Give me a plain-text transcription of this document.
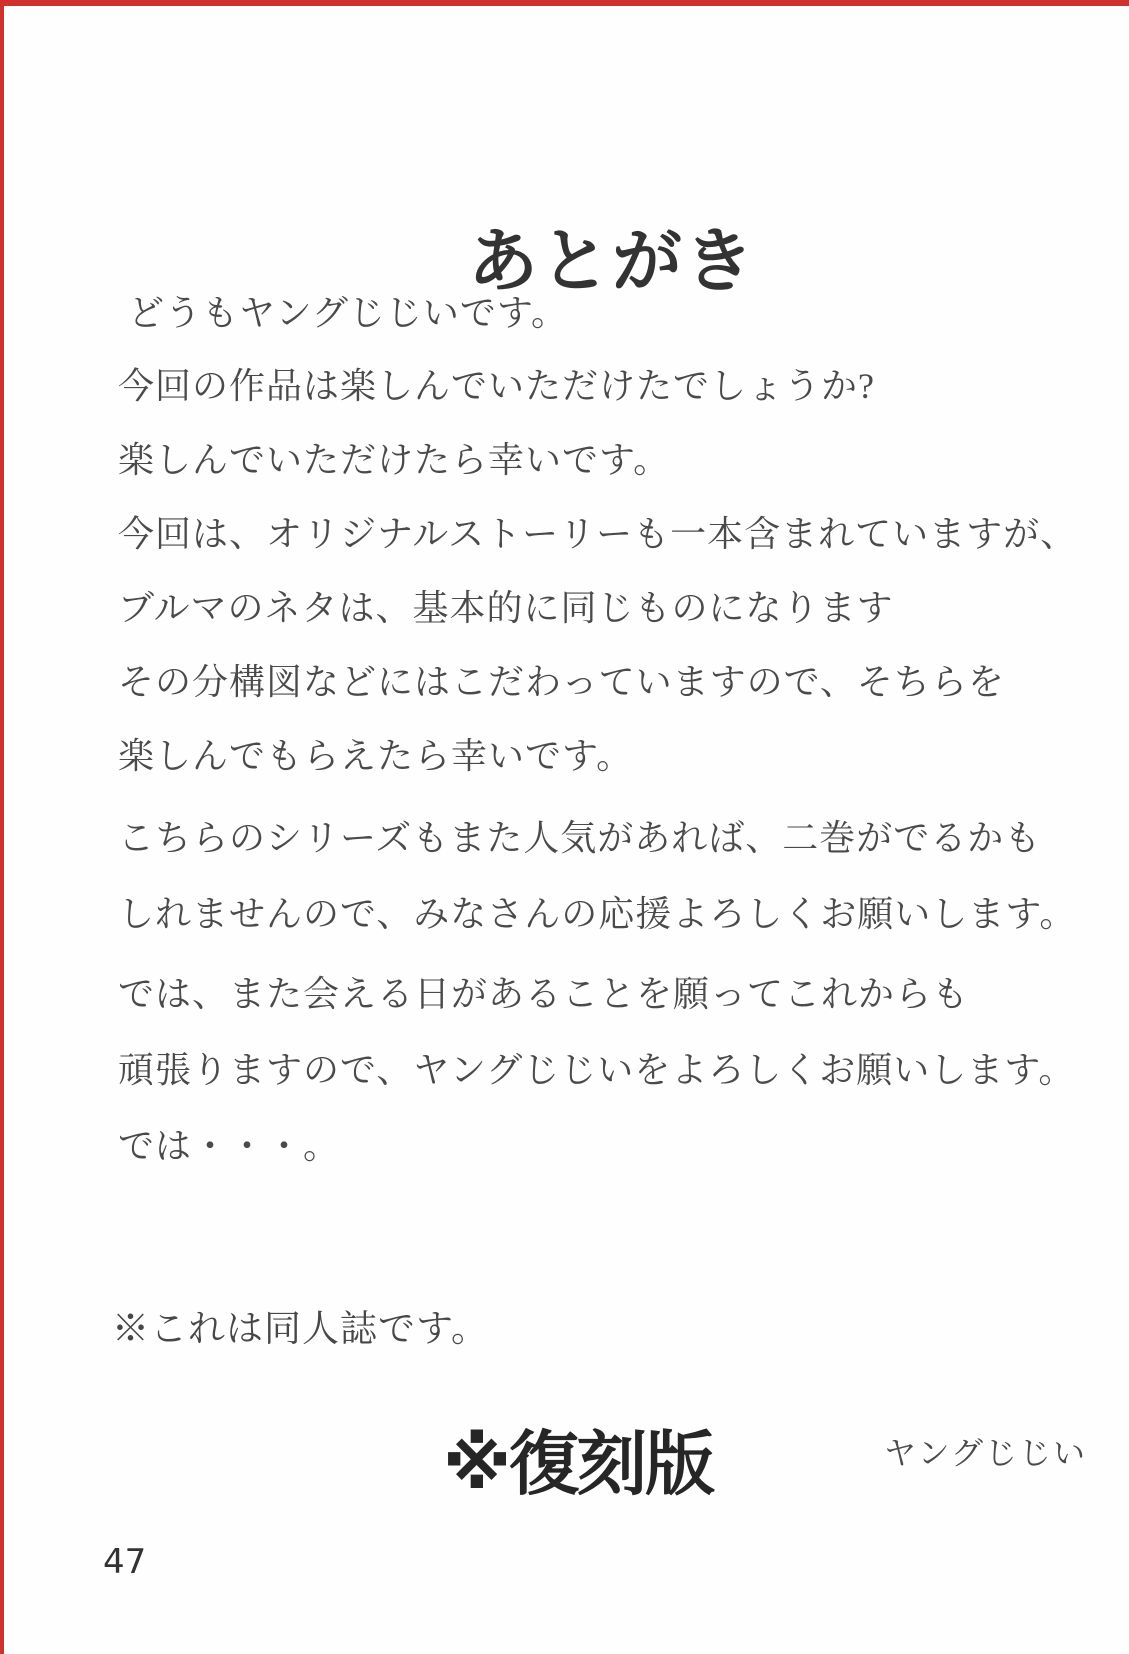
あとがき
どうもヤングじじいです。
今回の作品は楽しんでいただけたでしょうか?
楽しんでいただけたら幸いです。
今回は、オリジナルストーリーも一本含まれていますが、
ブルマのネタは、基本的に同じものになります
その分構図などにはこだわっていますので、そちらを
楽しんでもらえたら幸いです。
こちらのシリーズもまた人気があれば、二巻がでるかも
しれませんので、みなさんの応援よろしくお願いします。
では、また会える日があることを願ってこれからも
頑張りますので、ヤングじじいをよろしくお願いします。
では・・・。
※これは同人誌です。
※復刻版	ヤングじじい
47
